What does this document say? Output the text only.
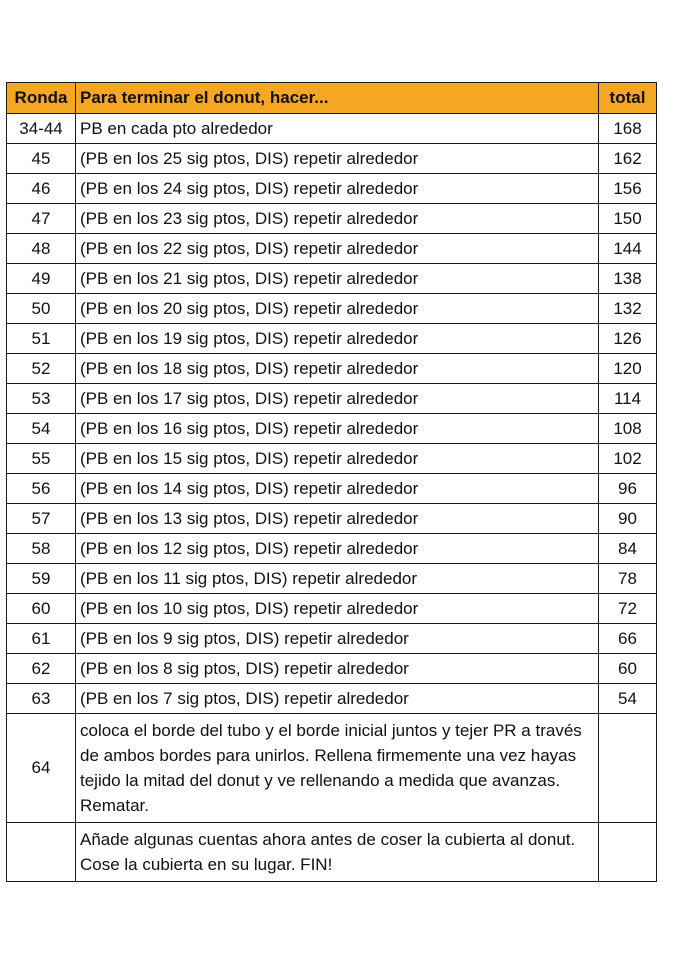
Ronda	Para terminar el donut, hacer...	total
34-44	PB en cada pto alrededor	168
45	(PB en los 25 sig ptos, DIS) repetir alrededor	162
46	(PB en los 24 sig ptos, DIS) repetir alrededor	156
47	(PB en los 23 sig ptos, DIS) repetir alrededor	150
48	(PB en los 22 sig ptos, DIS) repetir alrededor	144
49	(PB en los 21 sig ptos, DIS) repetir alrededor	138
50	(PB en los 20 sig ptos, DIS) repetir alrededor	132
51	(PB en los 19 sig ptos, DIS) repetir alrededor	126
52	(PB en los 18 sig ptos, DIS) repetir alrededor	120
53	(PB en los 17 sig ptos, DIS) repetir alrededor	114
54	(PB en los 16 sig ptos, DIS) repetir alrededor	108
55	(PB en los 15 sig ptos, DIS) repetir alrededor	102
56	(PB en los 14 sig ptos, DIS) repetir alrededor	96
57	(PB en los 13 sig ptos, DIS) repetir alrededor	90
58	(PB en los 12 sig ptos, DIS) repetir alrededor	84
59	(PB en los 11 sig ptos, DIS) repetir alrededor	78
60	(PB en los 10 sig ptos, DIS) repetir alrededor	72
61	(PB en los 9 sig ptos, DIS) repetir alrededor	66
62	(PB en los 8 sig ptos, DIS) repetir alrededor	60
63	(PB en los 7 sig ptos, DIS) repetir alrededor	54
64	coloca el borde del tubo y el borde inicial juntos y tejer PR a través de ambos bordes para unirlos. Rellena firmemente una vez hayas tejido la mitad del donut y ve rellenando a medida que avanzas. Rematar.	
	Añade algunas cuentas ahora antes de coser la cubierta al donut. Cose la cubierta en su lugar. FIN!	
